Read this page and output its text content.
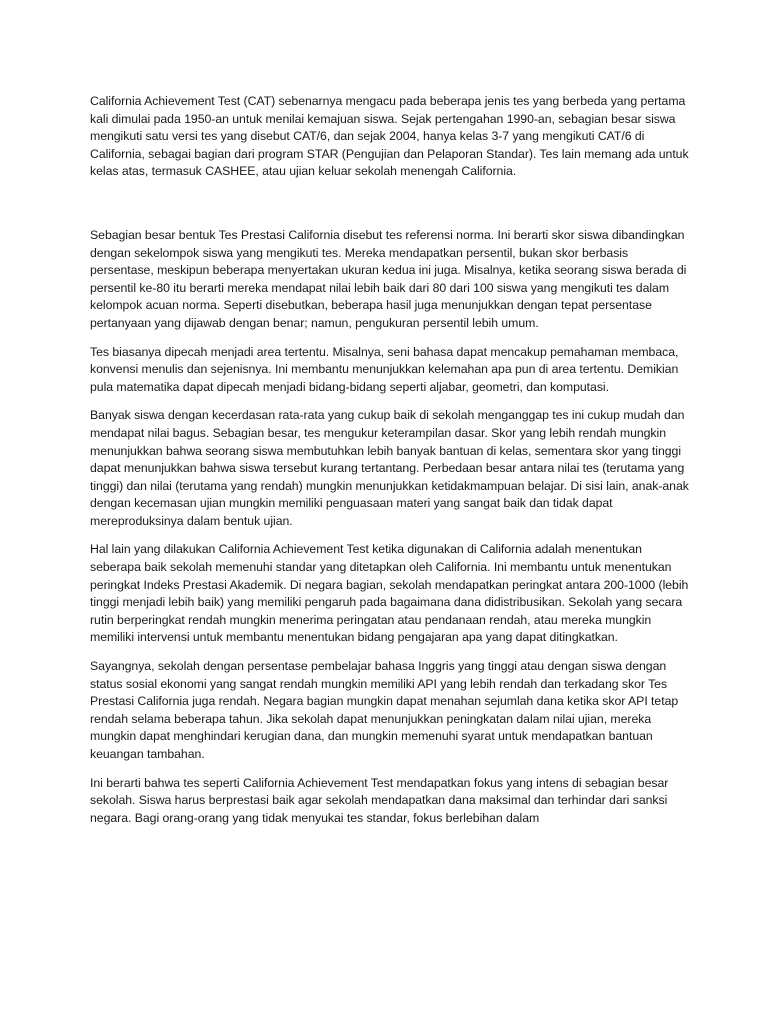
California Achievement Test (CAT) sebenarnya mengacu pada beberapa jenis tes yang berbeda yang pertama kali dimulai pada 1950-an untuk menilai kemajuan siswa. Sejak pertengahan 1990-an, sebagian besar siswa mengikuti satu versi tes yang disebut CAT/6, dan sejak 2004, hanya kelas 3-7 yang mengikuti CAT/6 di California, sebagai bagian dari program STAR (Pengujian dan Pelaporan Standar). Tes lain memang ada untuk kelas atas, termasuk CASHEE, atau ujian keluar sekolah menengah California.

Sebagian besar bentuk Tes Prestasi California disebut tes referensi norma. Ini berarti skor siswa dibandingkan dengan sekelompok siswa yang mengikuti tes. Mereka mendapatkan persentil, bukan skor berbasis persentase, meskipun beberapa menyertakan ukuran kedua ini juga. Misalnya, ketika seorang siswa berada di persentil ke-80 itu berarti mereka mendapat nilai lebih baik dari 80 dari 100 siswa yang mengikuti tes dalam kelompok acuan norma. Seperti disebutkan, beberapa hasil juga menunjukkan dengan tepat persentase pertanyaan yang dijawab dengan benar; namun, pengukuran persentil lebih umum.

Tes biasanya dipecah menjadi area tertentu. Misalnya, seni bahasa dapat mencakup pemahaman membaca, konvensi menulis dan sejenisnya. Ini membantu menunjukkan kelemahan apa pun di area tertentu. Demikian pula matematika dapat dipecah menjadi bidang-bidang seperti aljabar, geometri, dan komputasi.

Banyak siswa dengan kecerdasan rata-rata yang cukup baik di sekolah menganggap tes ini cukup mudah dan mendapat nilai bagus. Sebagian besar, tes mengukur keterampilan dasar. Skor yang lebih rendah mungkin menunjukkan bahwa seorang siswa membutuhkan lebih banyak bantuan di kelas, sementara skor yang tinggi dapat menunjukkan bahwa siswa tersebut kurang tertantang. Perbedaan besar antara nilai tes (terutama yang tinggi) dan nilai (terutama yang rendah) mungkin menunjukkan ketidakmampuan belajar. Di sisi lain, anak-anak dengan kecemasan ujian mungkin memiliki penguasaan materi yang sangat baik dan tidak dapat mereproduksinya dalam bentuk ujian.

Hal lain yang dilakukan California Achievement Test ketika digunakan di California adalah menentukan seberapa baik sekolah memenuhi standar yang ditetapkan oleh California. Ini membantu untuk menentukan peringkat Indeks Prestasi Akademik. Di negara bagian, sekolah mendapatkan peringkat antara 200-1000 (lebih tinggi menjadi lebih baik) yang memiliki pengaruh pada bagaimana dana didistribusikan. Sekolah yang secara rutin berperingkat rendah mungkin menerima peringatan atau pendanaan rendah, atau mereka mungkin memiliki intervensi untuk membantu menentukan bidang pengajaran apa yang dapat ditingkatkan.

Sayangnya, sekolah dengan persentase pembelajar bahasa Inggris yang tinggi atau dengan siswa dengan status sosial ekonomi yang sangat rendah mungkin memiliki API yang lebih rendah dan terkadang skor Tes Prestasi California juga rendah. Negara bagian mungkin dapat menahan sejumlah dana ketika skor API tetap rendah selama beberapa tahun. Jika sekolah dapat menunjukkan peningkatan dalam nilai ujian, mereka mungkin dapat menghindari kerugian dana, dan mungkin memenuhi syarat untuk mendapatkan bantuan keuangan tambahan.

Ini berarti bahwa tes seperti California Achievement Test mendapatkan fokus yang intens di sebagian besar sekolah. Siswa harus berprestasi baik agar sekolah mendapatkan dana maksimal dan terhindar dari sanksi negara. Bagi orang-orang yang tidak menyukai tes standar, fokus berlebihan dalam
